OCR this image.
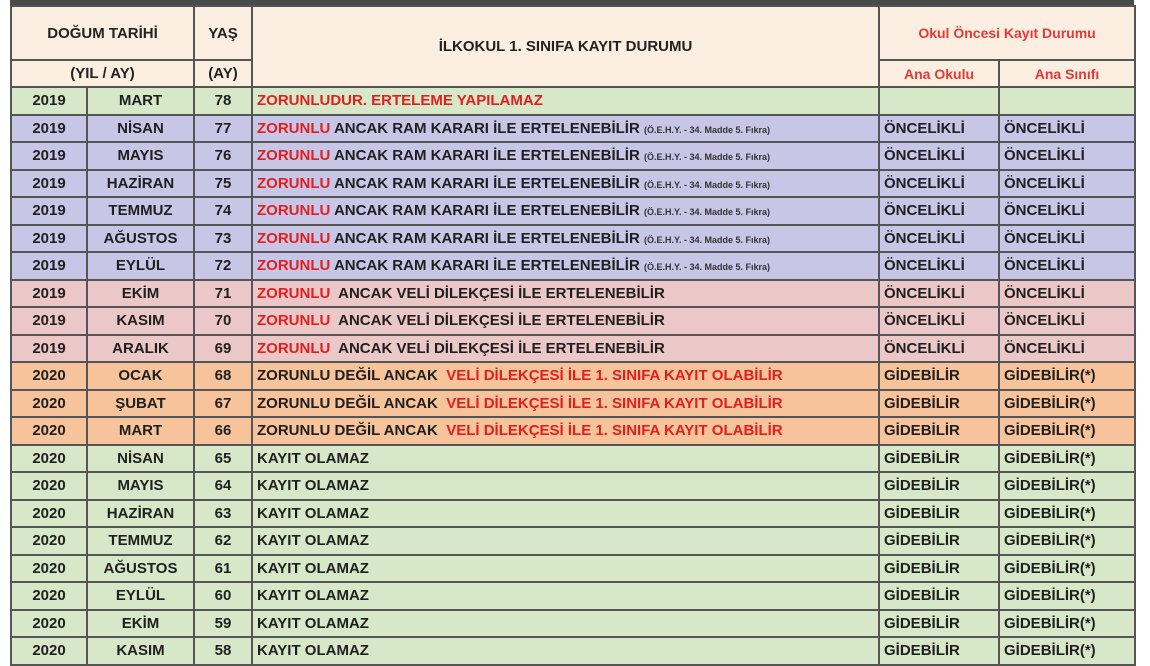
DOĞUM TARİHİ		YAŞ	İLKOKUL 1. SINIFA KAYIT DURUMU	Okul Öncesi Kayıt Durumu	
(YIL / AY)		(AY)		Ana Okulu	Ana Sınıfı
2019	MART	78	ZORUNLUDUR. ERTELEME YAPILAMAZ		
2019	NİSAN	77	ZORUNLU ANCAK RAM KARARI İLE ERTELENEBİLİR (Ö.E.H.Y. - 34. Madde 5. Fıkra)	ÖNCELİKLİ	ÖNCELİKLİ
2019	MAYIS	76	ZORUNLU ANCAK RAM KARARI İLE ERTELENEBİLİR (Ö.E.H.Y. - 34. Madde 5. Fıkra)	ÖNCELİKLİ	ÖNCELİKLİ
2019	HAZİRAN	75	ZORUNLU ANCAK RAM KARARI İLE ERTELENEBİLİR (Ö.E.H.Y. - 34. Madde 5. Fıkra)	ÖNCELİKLİ	ÖNCELİKLİ
2019	TEMMUZ	74	ZORUNLU ANCAK RAM KARARI İLE ERTELENEBİLİR (Ö.E.H.Y. - 34. Madde 5. Fıkra)	ÖNCELİKLİ	ÖNCELİKLİ
2019	AĞUSTOS	73	ZORUNLU ANCAK RAM KARARI İLE ERTELENEBİLİR (Ö.E.H.Y. - 34. Madde 5. Fıkra)	ÖNCELİKLİ	ÖNCELİKLİ
2019	EYLÜL	72	ZORUNLU ANCAK RAM KARARI İLE ERTELENEBİLİR (Ö.E.H.Y. - 34. Madde 5. Fıkra)	ÖNCELİKLİ	ÖNCELİKLİ
2019	EKİM	71	ZORUNLU  ANCAK VELİ DİLEKÇESİ İLE ERTELENEBİLİR	ÖNCELİKLİ	ÖNCELİKLİ
2019	KASIM	70	ZORUNLU  ANCAK VELİ DİLEKÇESİ İLE ERTELENEBİLİR	ÖNCELİKLİ	ÖNCELİKLİ
2019	ARALIK	69	ZORUNLU  ANCAK VELİ DİLEKÇESİ İLE ERTELENEBİLİR	ÖNCELİKLİ	ÖNCELİKLİ
2020	OCAK	68	ZORUNLU DEĞİL ANCAK  VELİ DİLEKÇESİ İLE 1. SINIFA KAYIT OLABİLİR	GİDEBİLİR	GİDEBİLİR(*)
2020	ŞUBAT	67	ZORUNLU DEĞİL ANCAK  VELİ DİLEKÇESİ İLE 1. SINIFA KAYIT OLABİLİR	GİDEBİLİR	GİDEBİLİR(*)
2020	MART	66	ZORUNLU DEĞİL ANCAK  VELİ DİLEKÇESİ İLE 1. SINIFA KAYIT OLABİLİR	GİDEBİLİR	GİDEBİLİR(*)
2020	NİSAN	65	KAYIT OLAMAZ	GİDEBİLİR	GİDEBİLİR(*)
2020	MAYIS	64	KAYIT OLAMAZ	GİDEBİLİR	GİDEBİLİR(*)
2020	HAZİRAN	63	KAYIT OLAMAZ	GİDEBİLİR	GİDEBİLİR(*)
2020	TEMMUZ	62	KAYIT OLAMAZ	GİDEBİLİR	GİDEBİLİR(*)
2020	AĞUSTOS	61	KAYIT OLAMAZ	GİDEBİLİR	GİDEBİLİR(*)
2020	EYLÜL	60	KAYIT OLAMAZ	GİDEBİLİR	GİDEBİLİR(*)
2020	EKİM	59	KAYIT OLAMAZ	GİDEBİLİR	GİDEBİLİR(*)
2020	KASIM	58	KAYIT OLAMAZ	GİDEBİLİR	GİDEBİLİR(*)
